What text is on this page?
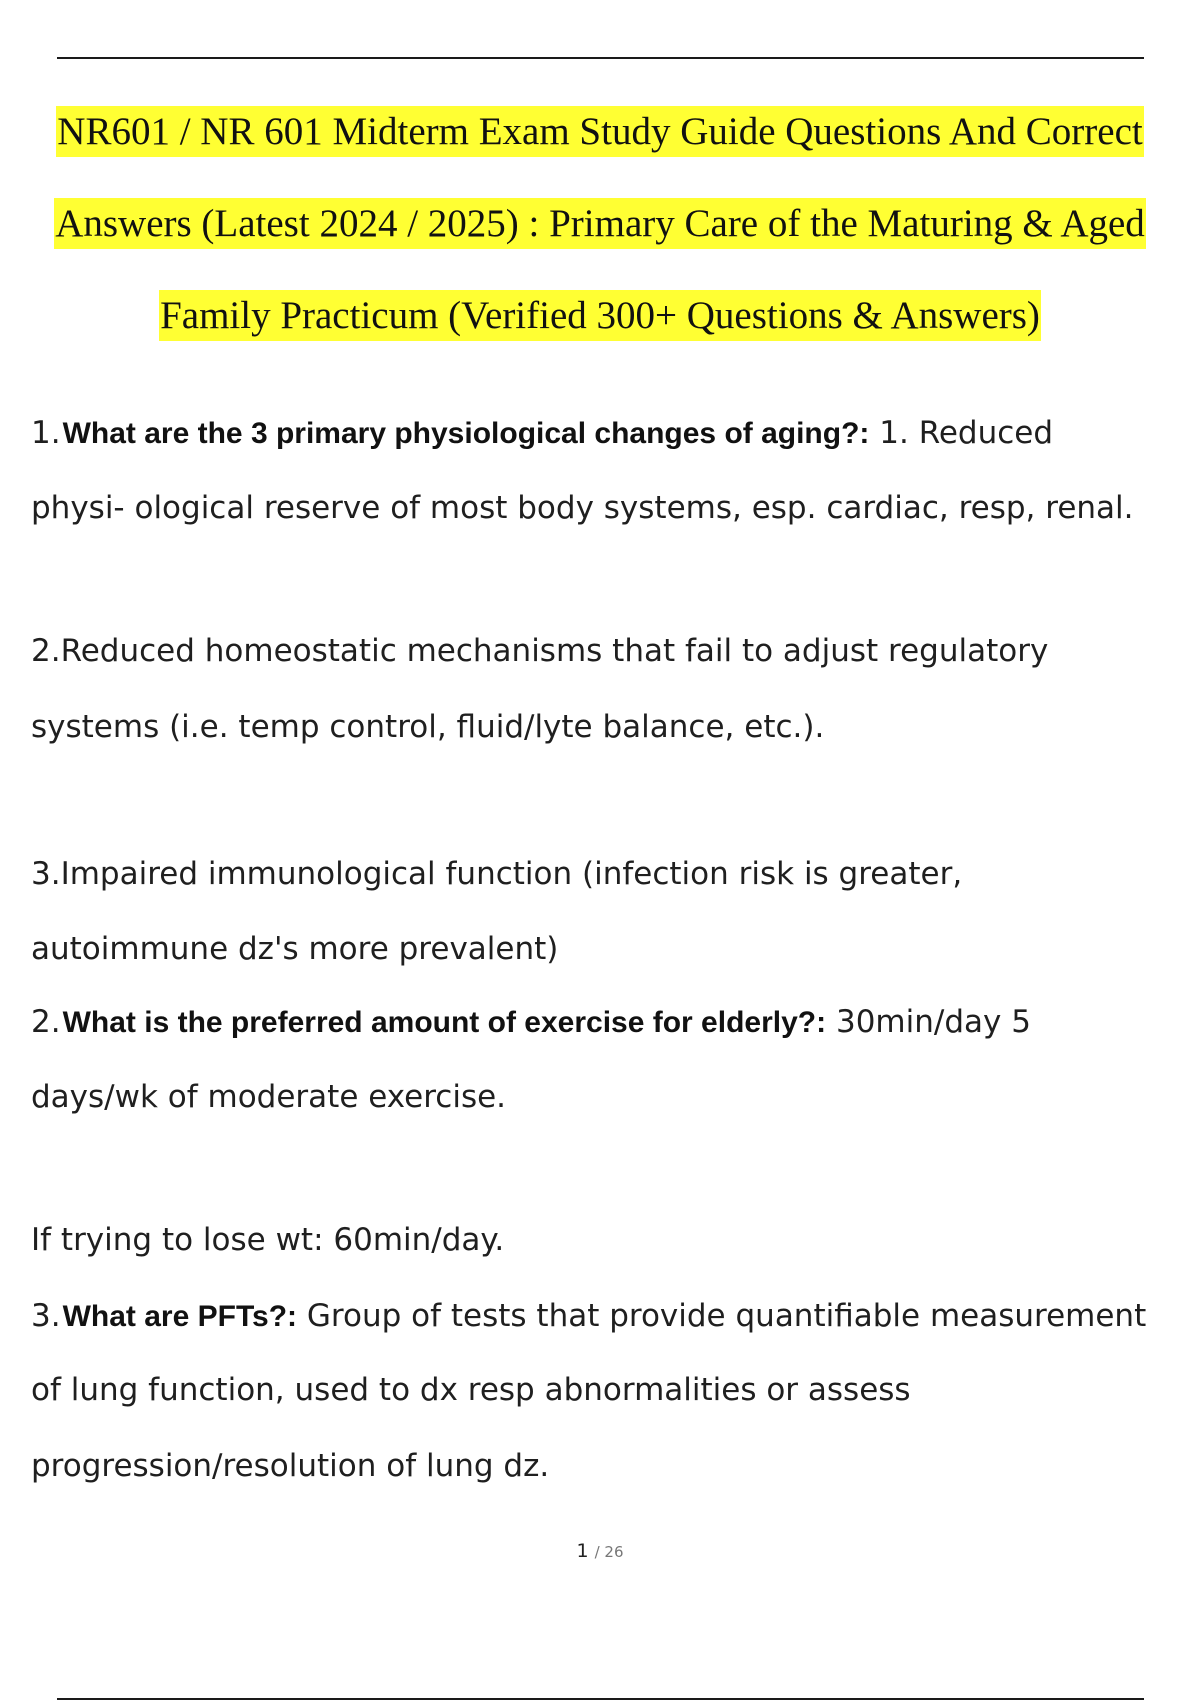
NR601 / NR 601 Midterm Exam Study Guide Questions And Correct
Answers (Latest 2024 / 2025) : Primary Care of the Maturing & Aged
Family Practicum (Verified 300+ Questions & Answers)
1.What are the 3 primary physiological changes of aging?: 1. Reduced
physi- ological reserve of most body systems, esp. cardiac, resp, renal.
2.Reduced homeostatic mechanisms that fail to adjust regulatory
systems (i.e. temp control, fluid/lyte balance, etc.).
3.Impaired immunological function (infection risk is greater,
autoimmune dz's more prevalent)
2.What is the preferred amount of exercise for elderly?: 30min/day 5
days/wk of moderate exercise.
If trying to lose wt: 60min/day.
3.What are PFTs?: Group of tests that provide quantifiable measurement
of lung function, used to dx resp abnormalities or assess
progression/resolution of lung dz.
1 / 26
